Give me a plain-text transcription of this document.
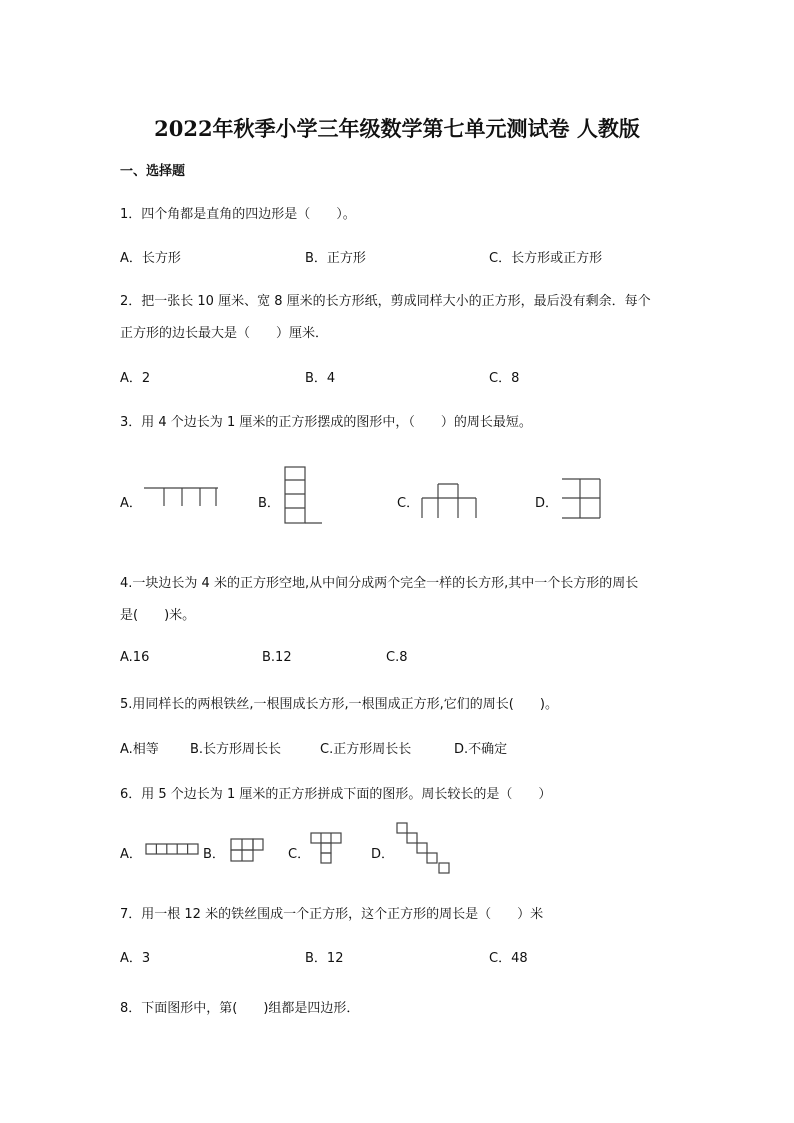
2022年秋季小学三年级数学第七单元测试卷 人教版
一、选择题
1．四个角都是直角的四边形是（　　）。
A．长方形	B．正方形	C．长方形或正方形
2．把一张长 10 厘米、宽 8 厘米的长方形纸，剪成同样大小的正方形，最后没有剩余．每个
正方形的边长最大是（　　）厘米．
A．2	B．4	C．8
3．用 4 个边长为 1 厘米的正方形摆成的图形中，（　　）的周长最短。
A．	B．	C．	D．
4.一块边长为 4 米的正方形空地,从中间分成两个完全一样的长方形,其中一个长方形的周长
是(　　)米。
A.16	B.12	C.8
5.用同样长的两根铁丝,一根围成长方形,一根围成正方形,它们的周长(　　)。
A.相等 B.长方形周长长	C.正方形周长长	D.不确定
6．用 5 个边长为 1 厘米的正方形拼成下面的图形。周长较长的是（　　）
A．	B．	C．	D．
7．用一根 12 米的铁丝围成一个正方形，这个正方形的周长是（　　）米
A．3	B．12	C．48
8．下面图形中，第(　　)组都是四边形．
